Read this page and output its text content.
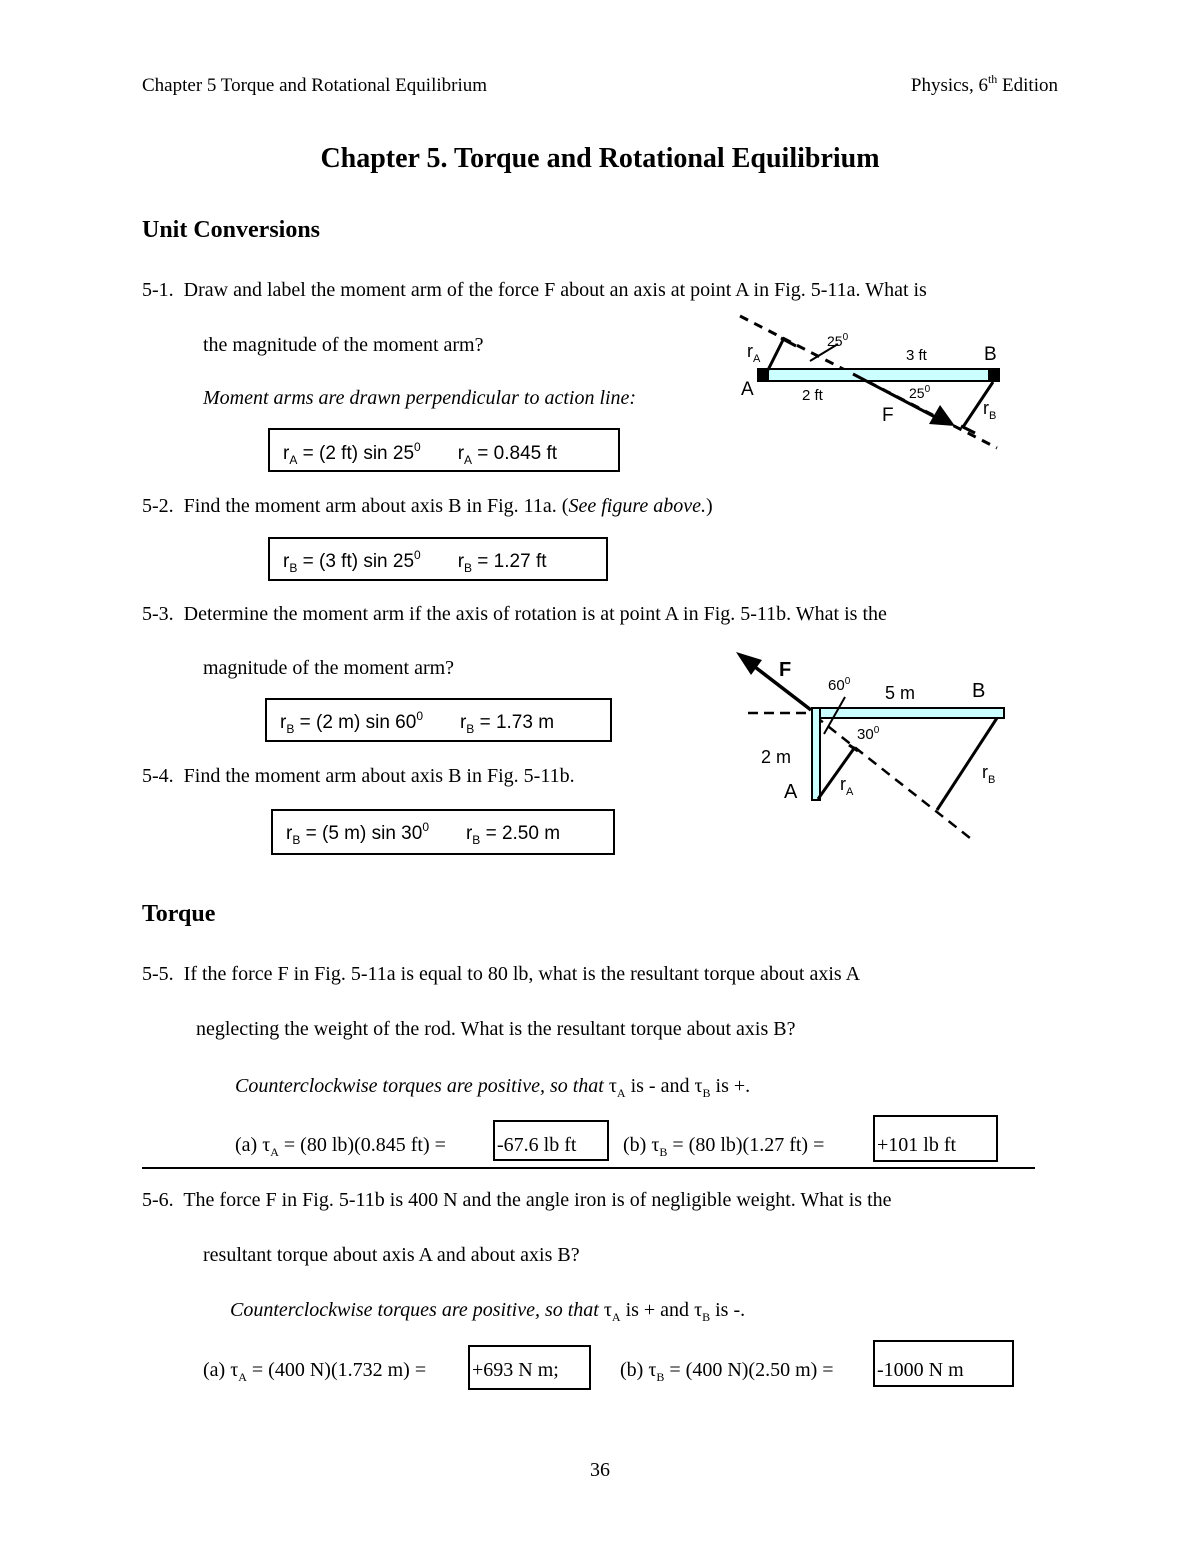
Chapter 5 Torque and Rotational Equilibrium	Physics, 6th Edition
Chapter 5. Torque and Rotational Equilibrium
Unit Conversions
5-1. Draw and label the moment arm of the force F about an axis at point A in Fig. 5-11a. What is
the magnitude of the moment arm?
Moment arms are drawn perpendicular to action line:
$r_A = (2$ ft) $\sin 25^0$ $r_A = 0.845$ ft
5-2. Find the moment arm about axis B in Fig. 11a. (See figure above.)
$r_B = (3$ ft) $\sin 25^0$ $r_B = 1.27$ ft
5-3. Determine the moment arm if the axis of rotation is at point A in Fig. 5-11b. What is the
magnitude of the moment arm?
$r_B = (2$ m) $\sin 60^0$ $r_B = 1.73$ m
5-4. Find the moment arm about axis B in Fig. 5-11b.
$r_B = (5$ m) $\sin 30^0$ $r_B = 2.50$ m
Torque
5-5. If the force F in Fig. 5-11a is equal to 80 lb, what is the resultant torque about axis A
neglecting the weight of the rod. What is the resultant torque about axis B?
Counterclockwise torques are positive, so that $\tau_A$ is - and $\tau_B$ is +.
(a) $\tau_A = (80$ lb)(0.845 ft) =	-67.6 lb ft (b) $\tau_B = (80$ lb)(1.27 ft) =	+101 lb ft
5-6. The force F in Fig. 5-11b is 400 N and the angle iron is of negligible weight. What is the
resultant torque about axis A and about axis B?
Counterclockwise torques are positive, so that $\tau_A$ is + and $\tau_B$ is -.
(a) $\tau_A = (400$ N)(1.732 m) = +693 N m;	(b) $\tau_B = (400$ N)(2.50 m) = -1000 N m
36
$r_A$
$25^0$
3 ft	B
A	2 ft	$25^0$
F	$r_B$
F
$60^0$
5 m	B
$30^0$
2 m
A $r_A$
$r_B$
